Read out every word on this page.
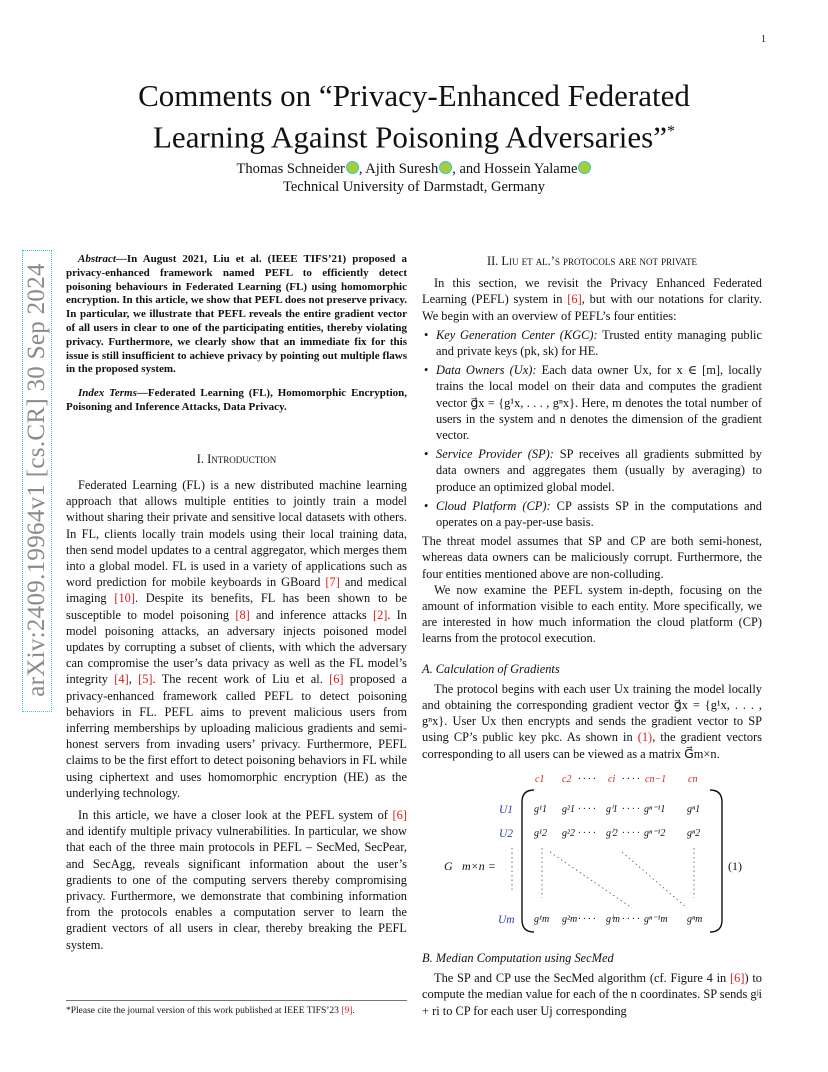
1
arXiv:2409.19964v1 [cs.CR] 30 Sep 2024
Comments on “Privacy-Enhanced Federated
Learning Against Poisoning Adversaries”*
Thomas Schneider , Ajith Suresh , and Hossein Yalame
Technical University of Darmstadt, Germany
Abstract—In August 2021, Liu et al. (IEEE TIFS’21) proposed a privacy-enhanced framework named PEFL to efficiently detect poisoning behaviours in Federated Learning (FL) using homomorphic encryption. In this article, we show that PEFL does not preserve privacy. In particular, we illustrate that PEFL reveals the entire gradient vector of all users in clear to one of the participating entities, thereby violating privacy. Furthermore, we clearly show that an immediate fix for this issue is still insufficient to achieve privacy by pointing out multiple flaws in the proposed system.
Index Terms—Federated Learning (FL), Homomorphic Encryption, Poisoning and Inference Attacks, Data Privacy.
I. Introduction

Federated Learning (FL) is a new distributed machine learning approach that allows multiple entities to jointly train a model without sharing their private and sensitive local datasets with others. In FL, clients locally train models using their local training data, then send model updates to a central aggregator, which merges them into a global model. FL is used in a variety of applications such as word prediction for mobile keyboards in GBoard [7] and medical imaging [10]. Despite its benefits, FL has been shown to be susceptible to model poisoning [8] and inference attacks [2]. In model poisoning attacks, an adversary injects poisoned model updates by corrupting a subset of clients, with which the adversary can compromise the user’s data privacy as well as the FL model’s integrity [4], [5]. The recent work of Liu et al. [6] proposed a privacy-enhanced framework called PEFL to detect poisoning behaviors in FL. PEFL aims to prevent malicious users from inferring memberships by uploading malicious gradients and semi-honest servers from invading users’ privacy. Furthermore, PEFL claims to be the first effort to detect poisoning behaviors in FL while using ciphertext and uses homomorphic encryption (HE) as the underlying technology.

In this article, we have a closer look at the PEFL system of [6] and identify multiple privacy vulnerabilities. In particular, we show that each of the three main protocols in PEFL – SecMed, SecPear, and SecAgg, reveals significant information about the user’s gradients to one of the computing servers thereby compromising privacy. Furthermore, we demonstrate that combining information from the protocols enables a computation server to learn the gradient vectors of all users in clear, thereby breaking the PEFL system.

*Please cite the journal version of this work published at IEEE TIFS’23 [9].
II. Liu et al.’s protocols are not private

In this section, we revisit the Privacy Enhanced Federated Learning (PEFL) system in [6], but with our notations for clarity. We begin with an overview of PEFL’s four entities:

• Key Generation Center (KGC): Trusted entity managing public and private keys (pk, sk) for HE.
• Data Owners (Ux): Each data owner Ux, for x ∈ [m], locally trains the local model on their data and computes the gradient vector g⃗x = {g¹x, . . . , gⁿx}. Here, m denotes the total number of users in the system and n denotes the dimension of the gradient vector.
• Service Provider (SP): SP receives all gradients submitted by data owners and aggregates them (usually by averaging) to produce an optimized global model.
• Cloud Platform (CP): CP assists SP in the computations and operates on a pay-per-use basis.

The threat model assumes that SP and CP are both semi-honest, whereas data owners can be maliciously corrupt. Furthermore, the four entities mentioned above are non-colluding.

We now examine the PEFL system in-depth, focusing on the amount of information visible to each entity. More specifically, we are interested in how much information the cloud platform (CP) learns from the protocol execution.

A. Calculation of Gradients

The protocol begins with each user Ux training the model locally and obtaining the corresponding gradient vector g⃗x = {g¹x, . . . , gⁿx}. User Ux then encrypts and sends the gradient vector to SP using CP’s public key pkc. As shown in (1), the gradient vectors corresponding to all users can be viewed as a matrix G⃗m×n.

c1 c2 · · · · ci · · · · cn−1 cn
U1
U2
Um
g¹1 g²1 · · · · gⁱ1 · · · · gⁿ⁻¹1 gⁿ1
g¹2 g²2 · · · · gⁱ2 · · · · gⁿ⁻¹2 gⁿ2
g¹m g²m · · · · gⁱm · · · · gⁿ⁻¹m gⁿm
G⃗m×n =	(1)
B. Median Computation using SecMed

The SP and CP use the SecMed algorithm (cf. Figure 4 in [6]) to compute the median value for each of the n coordinates. SP sends gʲi + ri to CP for each user Uj corresponding
